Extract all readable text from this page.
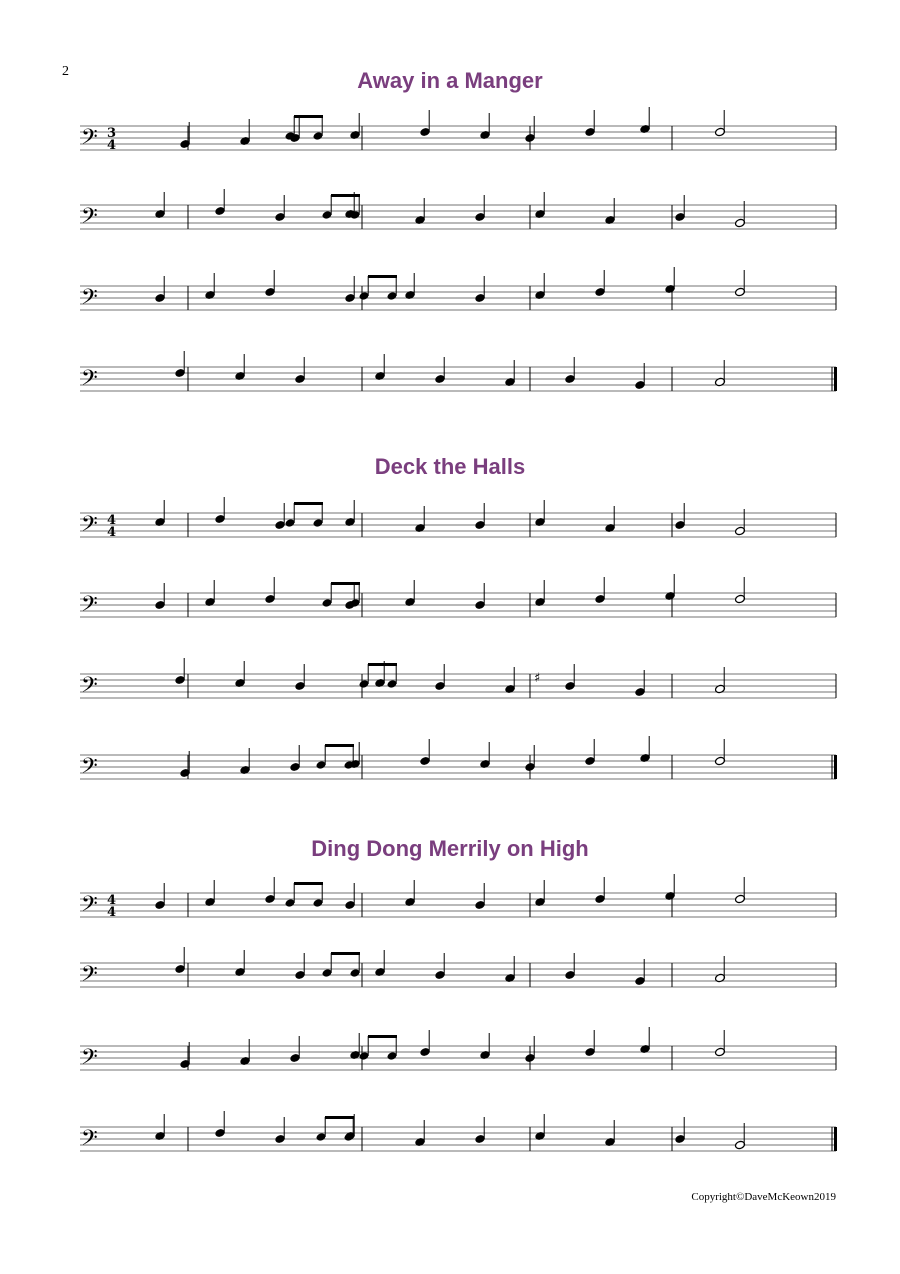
2	Away in a Manger
Deck the Halls
Ding Dong Merrily on High
𝄢 3
4
𝄢
𝄢
𝄢
𝄢 4
4
𝄢
𝄢
𝄢
𝄢 4
4
𝄢
𝄢
𝄢
♯
Copyright©DaveMcKeown2019
